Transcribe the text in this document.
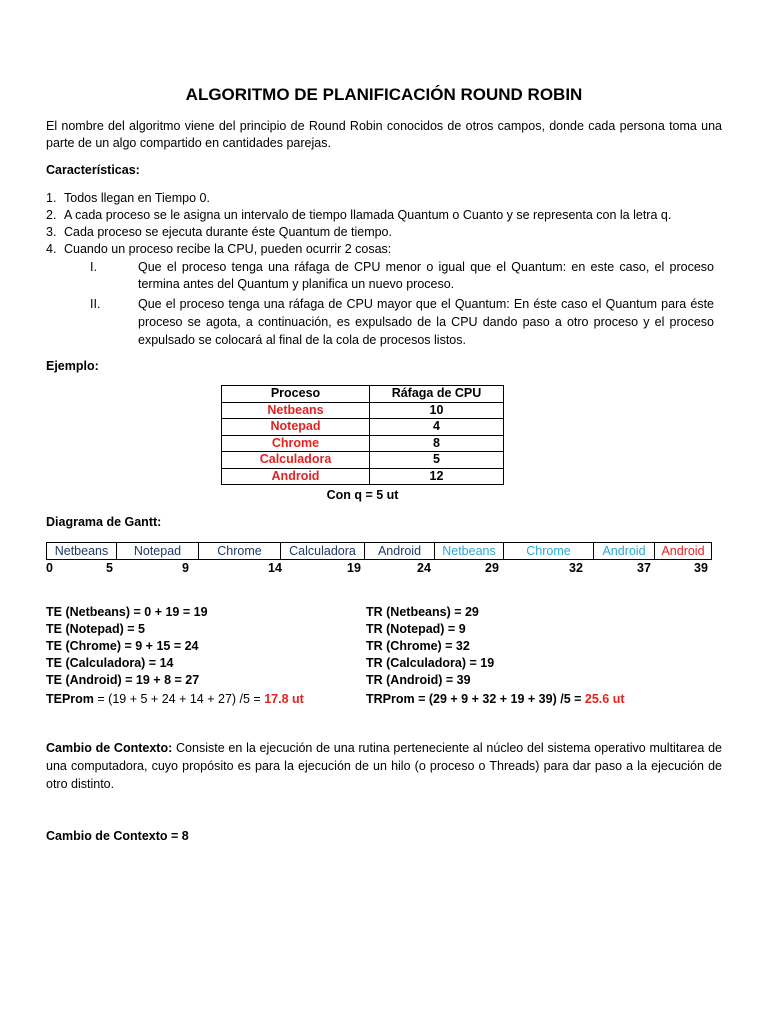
ALGORITMO DE PLANIFICACIÓN ROUND ROBIN
El nombre del algoritmo viene del principio de Round Robin conocidos de otros campos, donde cada persona toma una parte de un algo compartido en cantidades parejas.
Características:
1. Todos llegan en Tiempo 0.
2. A cada proceso se le asigna un intervalo de tiempo llamada Quantum o Cuanto y se representa con la letra q.
3. Cada proceso se ejecuta durante éste Quantum de tiempo.
4. Cuando un proceso recibe la CPU, pueden ocurrir 2 cosas:
I.	Que el proceso tenga una ráfaga de CPU menor o igual que el Quantum: en este caso, el proceso termina antes del Quantum y planifica un nuevo proceso.
II.	Que el proceso tenga una ráfaga de CPU mayor que el Quantum: En éste caso el Quantum para éste proceso se agota, a continuación, es expulsado de la CPU dando paso a otro proceso y el proceso expulsado se colocará al final de la cola de procesos listos.
Ejemplo:
Proceso	Ráfaga de CPU
Netbeans	10
Notepad	4
Chrome	8
Calculadora	5
Android	12
Con q = 5 ut
Diagrama de Gantt:
Netbeans	Notepad	Chrome	Calculadora	Android	Netbeans	Chrome	Android	Android
0	5	9	14	19	24	29	32	37	39
TE (Netbeans) = 0 + 19 = 19
TE (Notepad) = 5
TE (Chrome) = 9 + 15 = 24
TE (Calculadora) = 14
TE (Android) = 19 + 8 = 27
TEProm = (19 + 5 + 24 + 14 + 27) /5 = 17.8 ut
TR (Netbeans) = 29
TR (Notepad) = 9
TR (Chrome) = 32
TR (Calculadora) = 19
TR (Android) = 39
TRProm = (29 + 9 + 32 + 19 + 39) /5 = 25.6 ut
Cambio de Contexto: Consiste en la ejecución de una rutina perteneciente al núcleo del sistema operativo multitarea de una computadora, cuyo propósito es para la ejecución de un hilo (o proceso o Threads) para dar paso a la ejecución de otro distinto.
Cambio de Contexto = 8
